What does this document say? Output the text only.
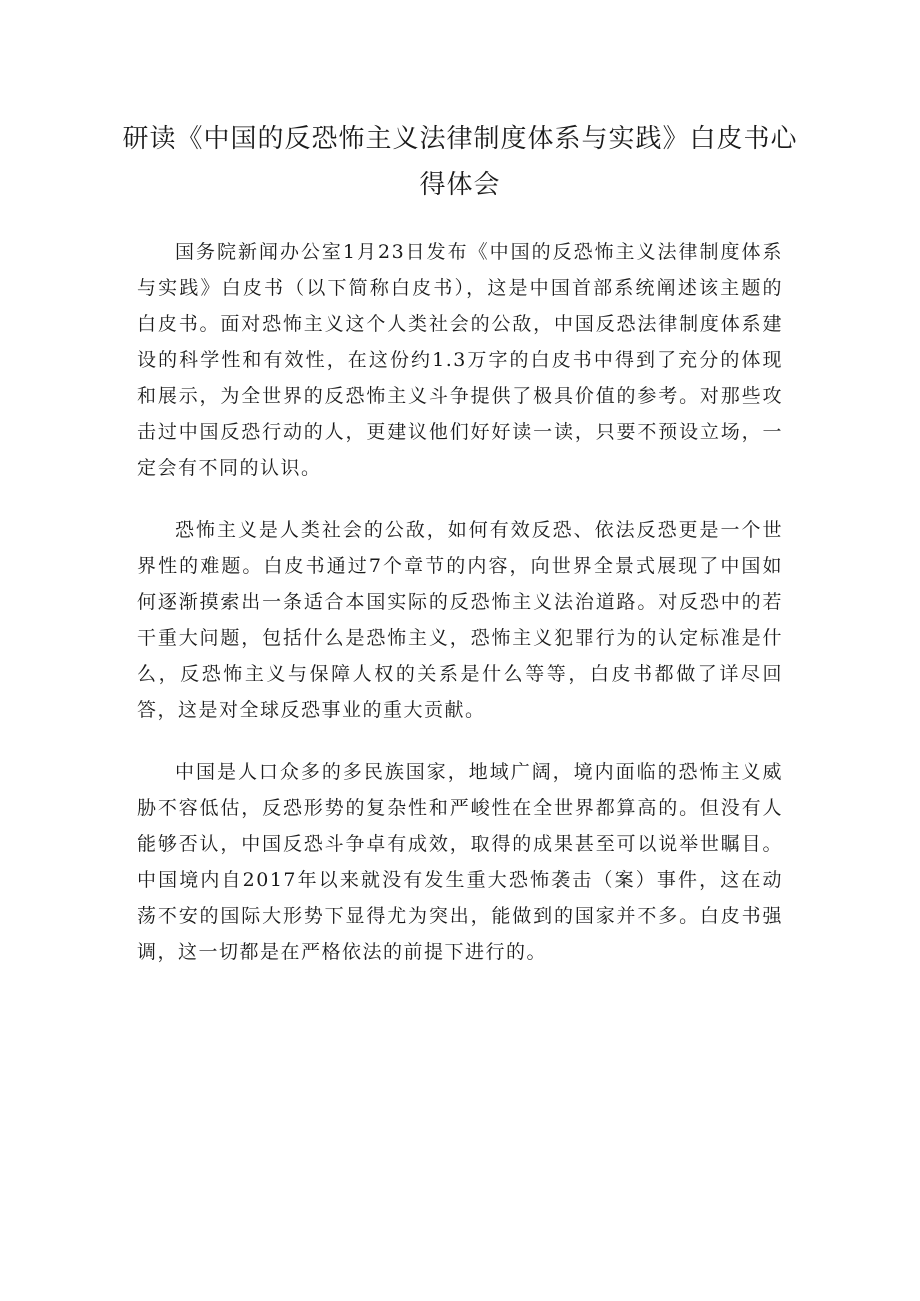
研读《中国的反恐怖主义法律制度体系与实践》白皮书心得体会

国务院新闻办公室1月23日发布《中国的反恐怖主义法律制度体系与实践》白皮书（以下简称白皮书），这是中国首部系统阐述该主题的白皮书。面对恐怖主义这个人类社会的公敌，中国反恐法律制度体系建设的科学性和有效性，在这份约1.3万字的白皮书中得到了充分的体现和展示，为全世界的反恐怖主义斗争提供了极具价值的参考。对那些攻击过中国反恐行动的人，更建议他们好好读一读，只要不预设立场，一定会有不同的认识。

恐怖主义是人类社会的公敌，如何有效反恐、依法反恐更是一个世界性的难题。白皮书通过7个章节的内容，向世界全景式展现了中国如何逐渐摸索出一条适合本国实际的反恐怖主义法治道路。对反恐中的若干重大问题，包括什么是恐怖主义，恐怖主义犯罪行为的认定标准是什么，反恐怖主义与保障人权的关系是什么等等，白皮书都做了详尽回答，这是对全球反恐事业的重大贡献。

中国是人口众多的多民族国家，地域广阔，境内面临的恐怖主义威胁不容低估，反恐形势的复杂性和严峻性在全世界都算高的。但没有人能够否认，中国反恐斗争卓有成效，取得的成果甚至可以说举世瞩目。中国境内自2017年以来就没有发生重大恐怖袭击（案）事件，这在动荡不安的国际大形势下显得尤为突出，能做到的国家并不多。白皮书强调，这一切都是在严格依法的前提下进行的。
